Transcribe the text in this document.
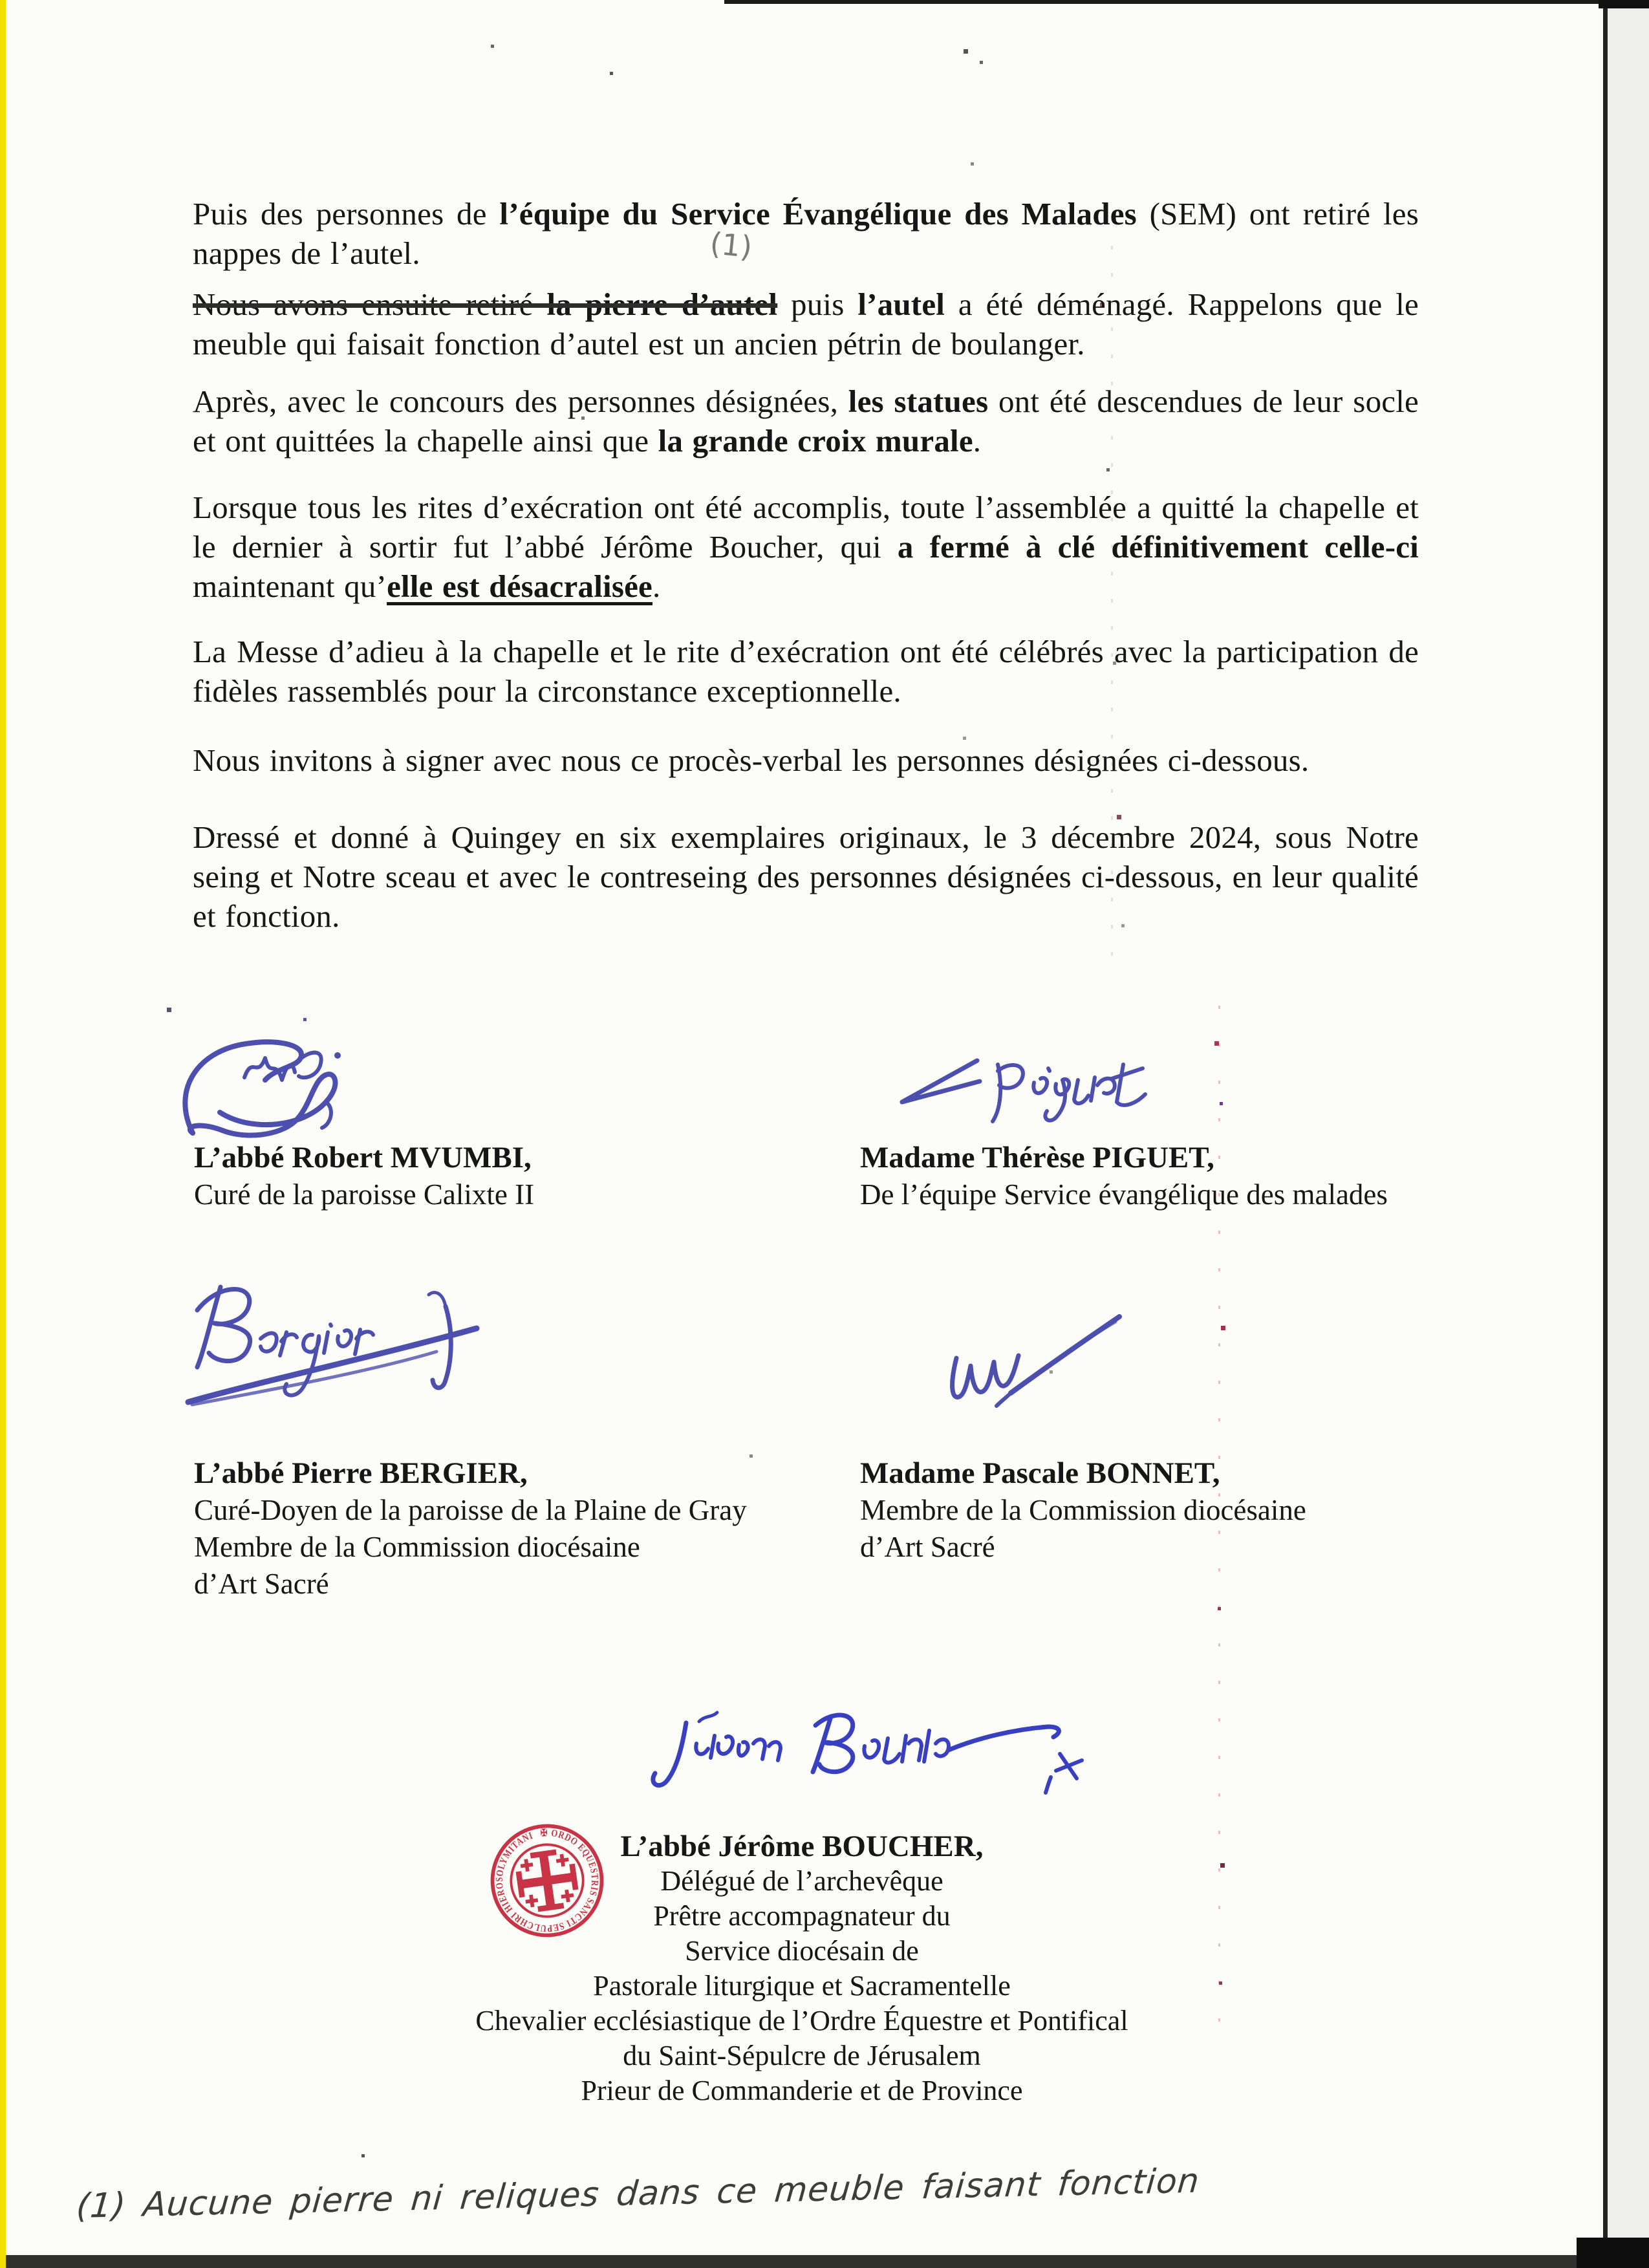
Puis des personnes de l’équipe du Service Évangélique des Malades (SEM) ont retiré les nappes de l’autel.	(1)
Nous avons ensuite retiré la pierre d’autel puis l’autel a été déménagé. Rappelons que le meuble qui faisait fonction d’autel est un ancien pétrin de boulanger.
Après, avec le concours des personnes désignées, les statues ont été descendues de leur socle et ont quittées la chapelle ainsi que la grande croix murale.
Lorsque tous les rites d’exécration ont été accomplis, toute l’assemblée a quitté la chapelle et le dernier à sortir fut l’abbé Jérôme Boucher, qui a fermé à clé définitivement celle-ci maintenant qu’elle est désacralisée.
La Messe d’adieu à la chapelle et le rite d’exécration ont été célébrés avec la participation de fidèles rassemblés pour la circonstance exceptionnelle.
Nous invitons à signer avec nous ce procès-verbal les personnes désignées ci-dessous.
Dressé et donné à Quingey en six exemplaires originaux, le 3 décembre 2024, sous Notre seing et Notre sceau et avec le contreseing des personnes désignées ci-dessous, en leur qualité et fonction.
L’abbé Robert MVUMBI,
Curé de la paroisse Calixte II
Madame Thérèse PIGUET,
De l’équipe Service évangélique des malades
L’abbé Pierre BERGIER,
Curé-Doyen de la paroisse de la Plaine de Gray
Membre de la Commission diocésaine
d’Art Sacré
Madame Pascale BONNET,
Membre de la Commission diocésaine
d’Art Sacré
✠ ORDO EQUESTRIS SANCTI SEPULCHRI HIEROSOLYMITANI	L’abbé Jérôme BOUCHER,
Délégué de l’archevêque
Prêtre accompagnateur du
Service diocésain de
Pastorale liturgique et Sacramentelle
Chevalier ecclésiastique de l’Ordre Équestre et Pontifical
du Saint-Sépulcre de Jérusalem
Prieur de Commanderie et de Province
(1) Aucune pierre ni reliques dans ce meuble faisant fonction
